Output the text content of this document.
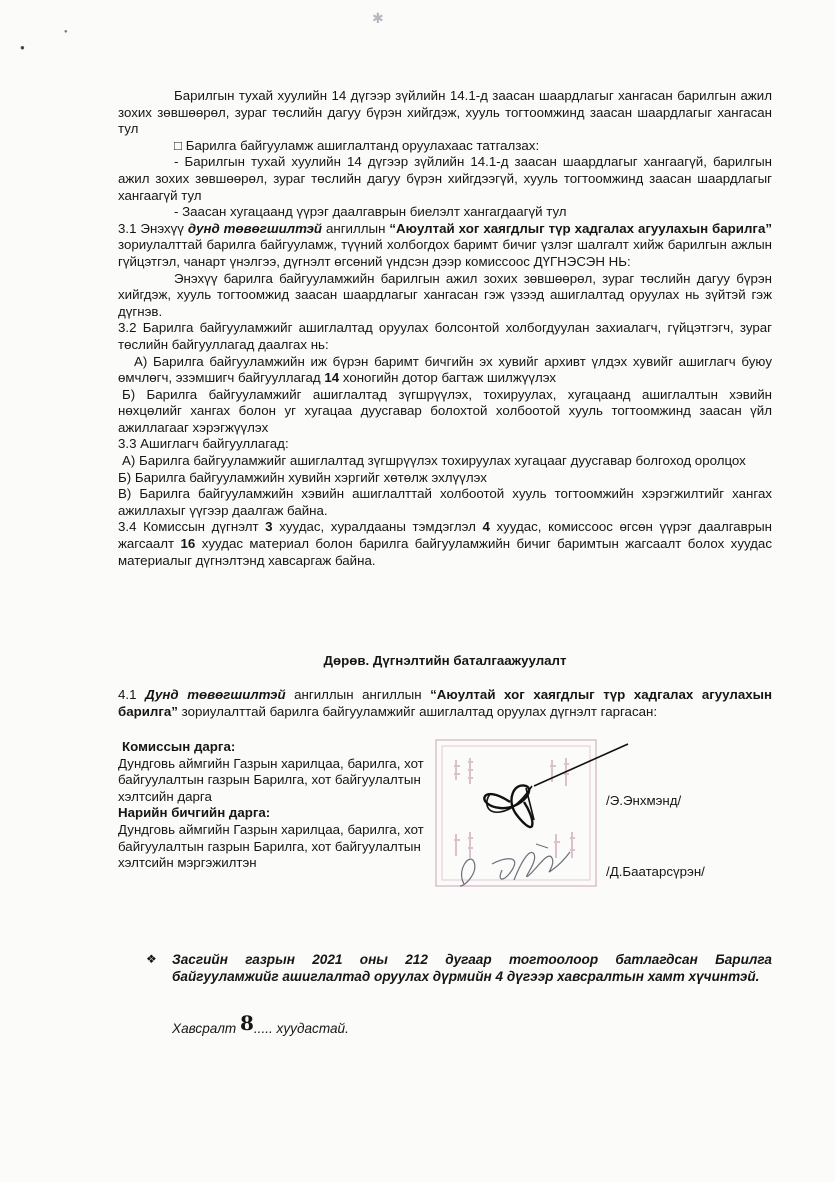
✱
●
●

Барилгын тухай хуулийн 14 дүгээр зүйлийн 14.1-д заасан шаардлагыг хангасан барилгын ажил зохих зөвшөөрөл, зураг төслийн дагуу бүрэн хийгдэж, хууль тогтоомжинд заасан шаардлагыг хангасан тул

□ Барилга байгууламж ашиглалтанд оруулахаас татгалзах:

- Барилгын тухай хуулийн 14 дүгээр зүйлийн 14.1-д заасан шаардлагыг хангаагүй, барилгын ажил зохих зөвшөөрөл, зураг төслийн дагуу бүрэн хийгдээгүй, хууль тогтоомжинд заасан шаардлагыг хангаагүй тул

- Заасан хугацаанд үүрэг даалгаврын биелэлт хангагдаагүй тул

3.1 Энэхүү дунд төвөгшилтэй ангиллын “Аюултай хог хаягдлыг түр хадгалах агуулахын барилга” зориулалттай барилга байгууламж, түүний холбогдох баримт бичиг үзлэг шалгалт хийж барилгын ажлын гүйцэтгэл, чанарт үнэлгээ, дүгнэлт өгсөний үндсэн дээр комиссоос ДҮГНЭСЭН НЬ:

Энэхүү барилга байгууламжийн барилгын ажил зохих зөвшөөрөл, зураг төслийн дагуу бүрэн хийгдэж, хууль тогтоомжид заасан шаардлагыг хангасан гэж үзээд ашиглалтад оруулах нь зүйтэй гэж дүгнэв.

3.2 Барилга байгууламжийг ашиглалтад оруулах болсонтой холбогдуулан захиалагч, гүйцэтгэгч, зураг төслийн байгууллагад даалгах нь:

А) Барилга байгууламжийн иж бүрэн баримт бичгийн эх хувийг архивт үлдэх хувийг ашиглагч буюу өмчлөгч, эзэмшигч байгууллагад 14 хоногийн дотор багтаж шилжүүлэх

Б) Барилга байгууламжийг ашиглалтад зүгшрүүлэх, тохируулах, хугацаанд ашиглалтын хэвийн нөхцөлийг хангах болон уг хугацаа дуусгавар болохтой холбоотой хууль тогтоомжинд заасан үйл ажиллагааг хэрэгжүүлэх

3.3 Ашиглагч байгууллагад:

А) Барилга байгууламжийг ашиглалтад зүгшрүүлэх тохируулах хугацааг дуусгавар болгоход оролцох

Б) Барилга байгууламжийн хувийн хэргийг хөтөлж эхлүүлэх

В) Барилга байгууламжийн хэвийн ашиглалттай холбоотой хууль тогтоомжийн хэрэгжилтийг хангах ажиллахыг үүгээр даалгаж байна.

3.4 Комиссын дүгнэлт 3 хуудас, хуралдааны тэмдэглэл 4 хуудас, комиссоос өгсөн үүрэг даалгаврын жагсаалт 16 хуудас материал болон барилга байгууламжийн бичиг баримтын жагсаалт болох хуудас материалыг дүгнэлтэнд хавсаргаж байна.

Дөрөв. Дүгнэлтийн баталгаажуулалт

4.1 Дунд төвөгшилтэй ангиллын ангиллын “Аюултай хог хаягдлыг түр хадгалах агуулахын барилга” зориулалттай барилга байгууламжийг ашиглалтад оруулах дүгнэлт гаргасан:

Комиссын дарга:

Дундговь аймгийн Газрын харилцаа, барилга, хот байгуулалтын газрын Барилга, хот байгуулалтын хэлтсийн дарга

Нарийн бичгийн дарга:

Дундговь аймгийн Газрын харилцаа, барилга, хот байгуулалтын газрын Барилга, хот байгуулалтын хэлтсийн мэргэжилтэн

/Э.Энхмэнд/
/Д.Баатарсүрэн/
❖ Засгийн газрын 2021 оны 212 дугаар тогтоолоор батлагдсан Барилга байгууламжийг ашиглалтад оруулах дүрмийн 4 дүгээр хавсралтын хамт хүчинтэй.

Хавсралт 8..... хуудастай.
